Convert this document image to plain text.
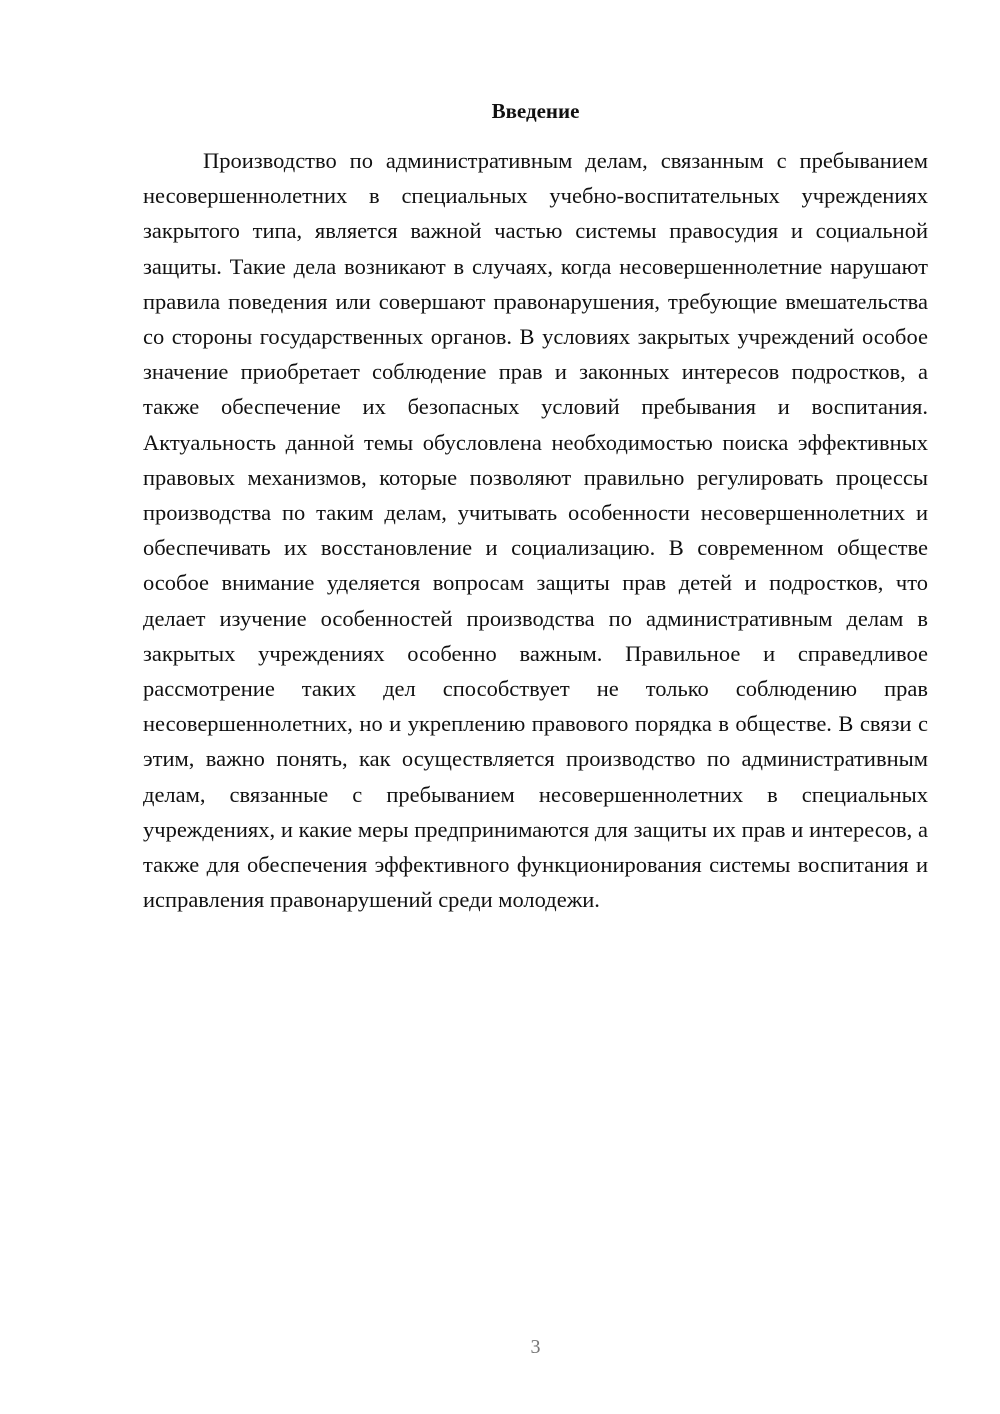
Введение

Производство по административным делам, связанным с пребыванием несовершеннолетних в специальных учебно-воспитательных учреждениях закрытого типа, является важной частью системы правосудия и социальной защиты. Такие дела возникают в случаях, когда несовершеннолетние нарушают правила поведения или совершают правонарушения, требующие вмешательства со стороны государственных органов. В условиях закрытых учреждений особое значение приобретает соблюдение прав и законных интересов подростков, а также обеспечение их безопасных условий пребывания и воспитания. Актуальность данной темы обусловлена необходимостью поиска эффективных правовых механизмов, которые позволяют правильно регулировать процессы производства по таким делам, учитывать особенности несовершеннолетних и обеспечивать их восстановление и социализацию. В современном обществе особое внимание уделяется вопросам защиты прав детей и подростков, что делает изучение особенностей производства по административным делам в закрытых учреждениях особенно важным. Правильное и справедливое рассмотрение таких дел способствует не только соблюдению прав несовершеннолетних, но и укреплению правового порядка в обществе. В связи с этим, важно понять, как осуществляется производство по административным делам, связанные с пребыванием несовершеннолетних в специальных учреждениях, и какие меры предпринимаются для защиты их прав и интересов, а также для обеспечения эффективного функционирования системы воспитания и исправления правонарушений среди молодежи.

3
